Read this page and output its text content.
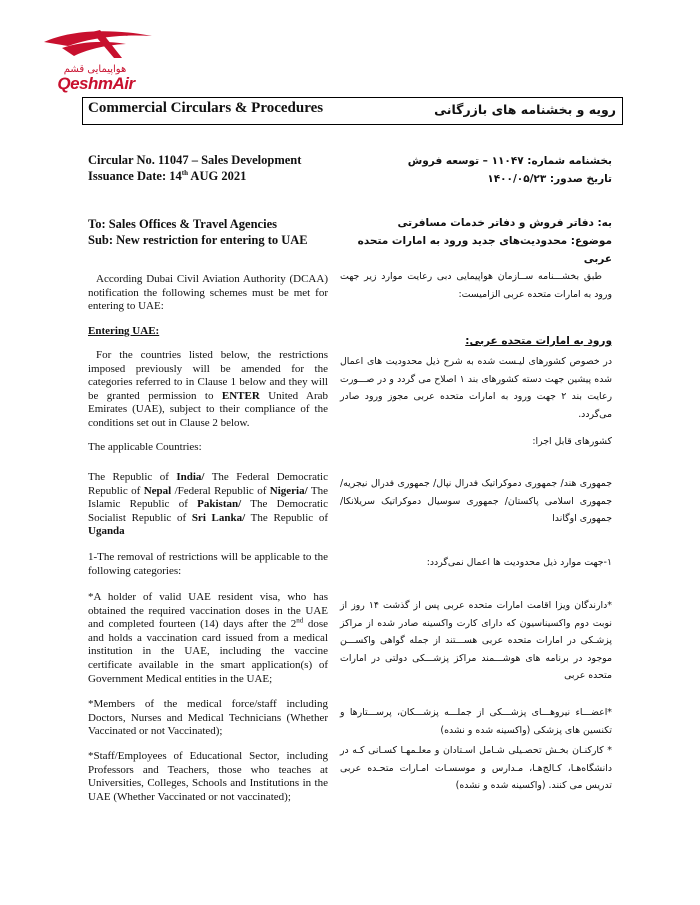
هواپیمایی قشم
QeshmAir
Commercial Circulars & Procedures	رویه و بخشنامه های بازرگانی
Circular No. 11047 – Sales Development
Issuance Date: 14th AUG 2021
بخشنامه شماره: ۱۱۰۴۷ – توسعه فروش
تاریخ صدور: ۱۴۰۰/۰۵/۲۳
To: Sales Offices & Travel Agencies
Sub: New restriction for entering to UAE
به: دفاتر فروش و دفاتر خدمات مسافرتی
موضوع: محدودیت‌های جدید ورود به امارات متحده عربی
According Dubai Civil Aviation Authority (DCAA) notification the following schemes must be met for entering to UAE:
طبق بخشـــنامه ســازمان هواپیمایی دبی رعایت موارد زیر جهت ورود به امارات متحده عربی الزامیست:
Entering UAE:
ورود به امارات متحده عربی:
For the countries listed below, the restrictions imposed previously will be amended for the categories referred to in Clause 1 below and they will be granted permission to ENTER United Arab Emirates (UAE), subject to their compliance of the conditions set out in Clause 2 below.
در خصوص کشورهای لیـست شده به شرح ذیل محدودیت های اعمال شده پیشین جهت دسته کشورهای بند ۱ اصلاح می گردد و در صـــورت رعایت بند ۲ جهت ورود به امارات متحده عربی مجوز ورود صادر می‌گردد.
The applicable Countries:	کشورهای قابل اجرا:
The Republic of India/ The Federal Democratic Republic of Nepal /Federal Republic of Nigeria/ The Islamic Republic of Pakistan/ The Democratic Socialist Republic of Sri Lanka/ The Republic of Uganda
جمهوری هند/ جمهوری دموکراتیک فدرال نپال/ جمهوری فدرال نیجریه/ جمهوری اسلامی پاکستان/ جمهوری سوسیال دموکراتیک سریلانکا/ جمهوری اوگاندا
1-The removal of restrictions will be applicable to the following categories:
۱-جهت موارد ذیل محدودیت ها اعمال نمی‌گردد:
*A holder of valid UAE resident visa, who has obtained the required vaccination doses in the UAE and completed fourteen (14) days after the 2nd dose and holds a vaccination card issued from a medical institution in the UAE, including the vaccine certificate available in the smart application(s) of Government Medical entities in the UAE;
*دارندگان ویزا اقامت امارات متحده عربی پس از گذشت ۱۴ روز از نوبت دوم واکسیناسیون که دارای کارت واکسینه صادر شده از مراکز پزشـکی در امارات متحده عربی هســـتند از جمله گواهی واکســـن موجود در برنامه های هوشـــمند مراکز پزشـــکی دولتی در امارات متحده عربی
*Members of the medical force/staff including Doctors, Nurses and Medical Technicians (Whether Vaccinated or not Vaccinated);
*اعضـــاء نیروهـــای پزشـــکی از جملـــه پزشـــکان، پرســـتارها و تکنسین های پزشکی (واکسینه شده و نشده)
*Staff/Employees of Educational Sector, including Professors and Teachers, those who teaches at Universities, Colleges, Schools and Institutions in the UAE (Whether Vaccinated or not vaccinated);
* کارکنـان بخـش تحصـیلی شـامل اسـتادان و معلـمهـا کسـانی کـه در دانشگاه‌هـا، کـالج‌هـا، مـدارس و موسسـات امـارات متحـده عربی تدریس می کنند. (واکسینه شده و نشده)
